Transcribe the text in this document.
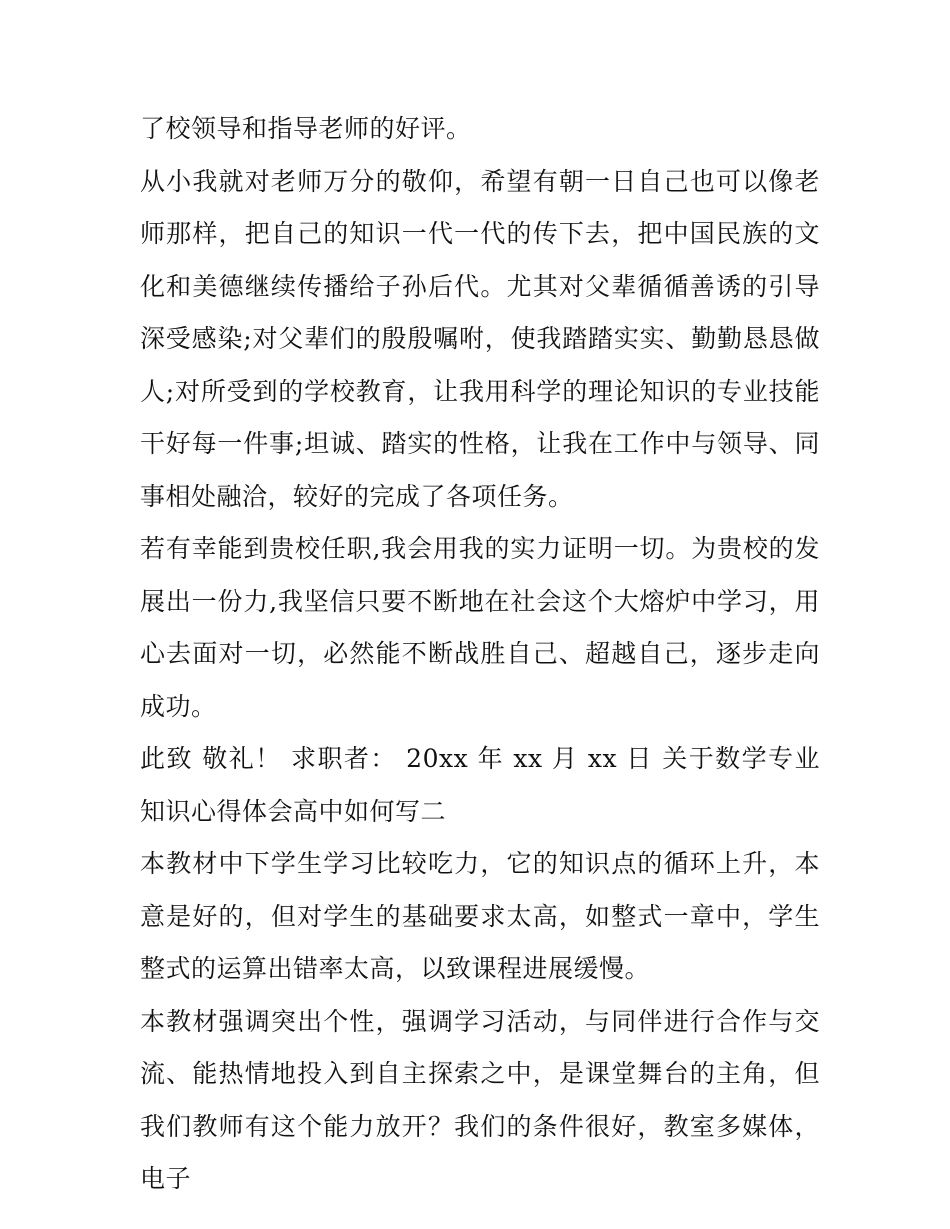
了校领导和指导老师的好评。

从小我就对老师万分的敬仰，希望有朝一日自己也可以像老师那样，把自己的知识一代一代的传下去，把中国民族的文化和美德继续传播给子孙后代。尤其对父辈循循善诱的引导深受感染;对父辈们的殷殷嘱咐，使我踏踏实实、勤勤恳恳做人;对所受到的学校教育，让我用科学的理论知识的专业技能干好每一件事;坦诚、踏实的性格，让我在工作中与领导、同事相处融洽，较好的完成了各项任务。

若有幸能到贵校任职,我会用我的实力证明一切。为贵校的发展出一份力,我坚信只要不断地在社会这个大熔炉中学习，用心去面对一切，必然能不断战胜自己、超越自己，逐步走向成功。

此致 敬礼！ 求职者： 20xx 年 xx 月 xx 日 关于数学专业知识心得体会高中如何写二

本教材中下学生学习比较吃力，它的知识点的循环上升，本意是好的，但对学生的基础要求太高，如整式一章中，学生整式的运算出错率太高，以致课程进展缓慢。

本教材强调突出个性，强调学习活动，与同伴进行合作与交流、能热情地投入到自主探索之中，是课堂舞台的主角，但我们教师有这个能力放开？我们的条件很好，教室多媒体，电子
